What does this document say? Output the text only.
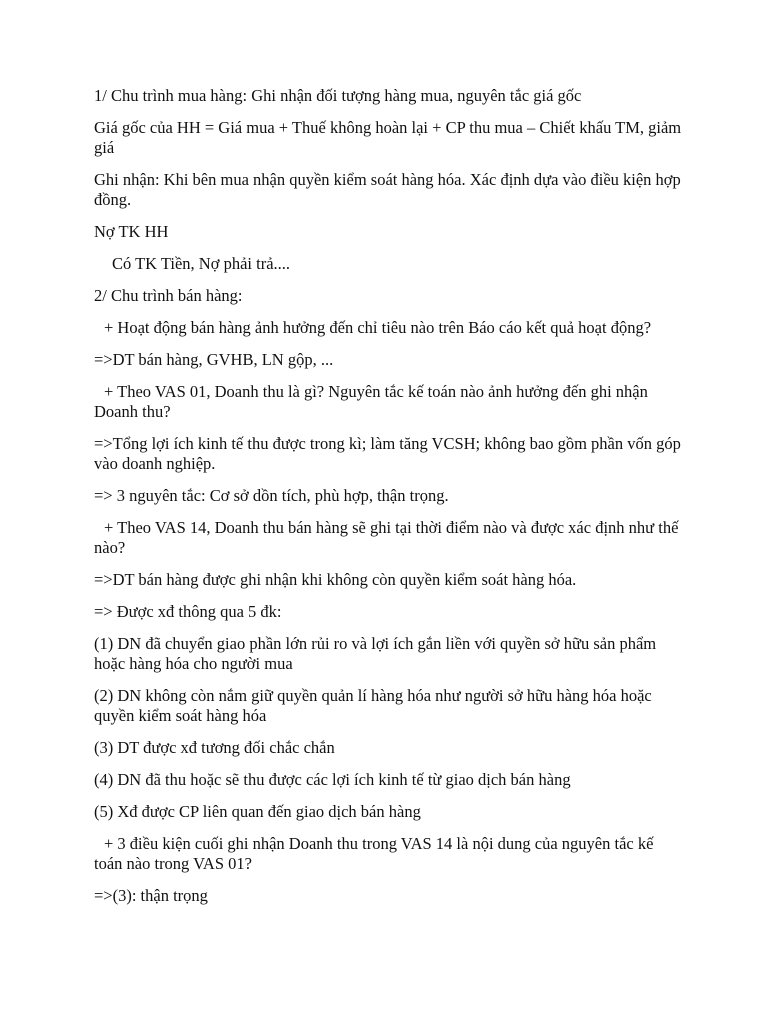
1/ Chu trình mua hàng: Ghi nhận đối tượng hàng mua, nguyên tắc giá gốc

Giá gốc của HH = Giá mua + Thuế không hoàn lại + CP thu mua – Chiết khấu TM, giảm giá

Ghi nhận: Khi bên mua nhận quyền kiểm soát hàng hóa. Xác định dựa vào điều kiện hợp đồng.

Nợ TK HH

Có TK Tiền, Nợ phải trả....

2/ Chu trình bán hàng:

+ Hoạt động bán hàng ảnh hưởng đến chỉ tiêu nào trên Báo cáo kết quả hoạt động?

=>DT bán hàng, GVHB, LN gộp, ...

+ Theo VAS 01, Doanh thu là gì? Nguyên tắc kế toán nào ảnh hưởng đến ghi nhận Doanh thu?

=>Tổng lợi ích kinh tế thu được trong kì; làm tăng VCSH; không bao gồm phần vốn góp vào doanh nghiệp.

=> 3 nguyên tắc: Cơ sở dồn tích, phù hợp, thận trọng.

+ Theo VAS 14, Doanh thu bán hàng sẽ ghi tại thời điểm nào và được xác định như thế nào?

=>DT bán hàng được ghi nhận khi không còn quyền kiểm soát hàng hóa.

=> Được xđ thông qua 5 đk:

(1) DN đã chuyển giao phần lớn rủi ro và lợi ích gắn liền với quyền sở hữu sản phẩm hoặc hàng hóa cho người mua

(2) DN không còn nắm giữ quyền quản lí hàng hóa như người sở hữu hàng hóa hoặc quyền kiểm soát hàng hóa

(3) DT được xđ tương đối chắc chắn

(4) DN đã thu hoặc sẽ thu được các lợi ích kinh tế từ giao dịch bán hàng

(5) Xđ được CP liên quan đến giao dịch bán hàng

+ 3 điều kiện cuối ghi nhận Doanh thu trong VAS 14 là nội dung của nguyên tắc kế toán nào trong VAS 01?

=>(3): thận trọng
